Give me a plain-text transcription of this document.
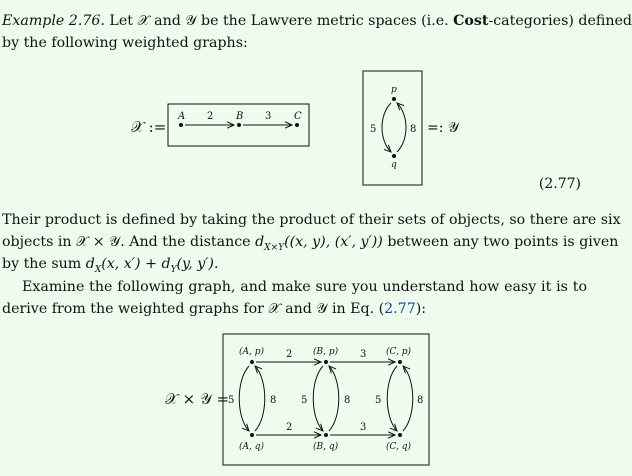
Example 2.76. Let 𝒳 and 𝒴 be the Lawvere metric spaces (i.e. Cost-categories) defined
by the following weighted graphs:
𝒳 :=
A	B	C
2	3
p
q
5	8 =: 𝒴
𝒳 × 𝒴 =
(A, p)	(B, p)	(C, p)
(A, q)	(B, q)	(C, q)
2	3
2	3
5	8 5	8 5	8
(2.77)
Their product is defined by taking the product of their sets of objects, so there are six
objects in 𝒳 × 𝒴. And the distance $d_{X\times Y}((x$, y), (x′, y′)) between any two points is given
by the sum $d_X(x$, $x') + d_Y(y$, y′).
Examine the following graph, and make sure you understand how easy it is to
derive from the weighted graphs for 𝒳 and 𝒴 in Eq. (2.77):
